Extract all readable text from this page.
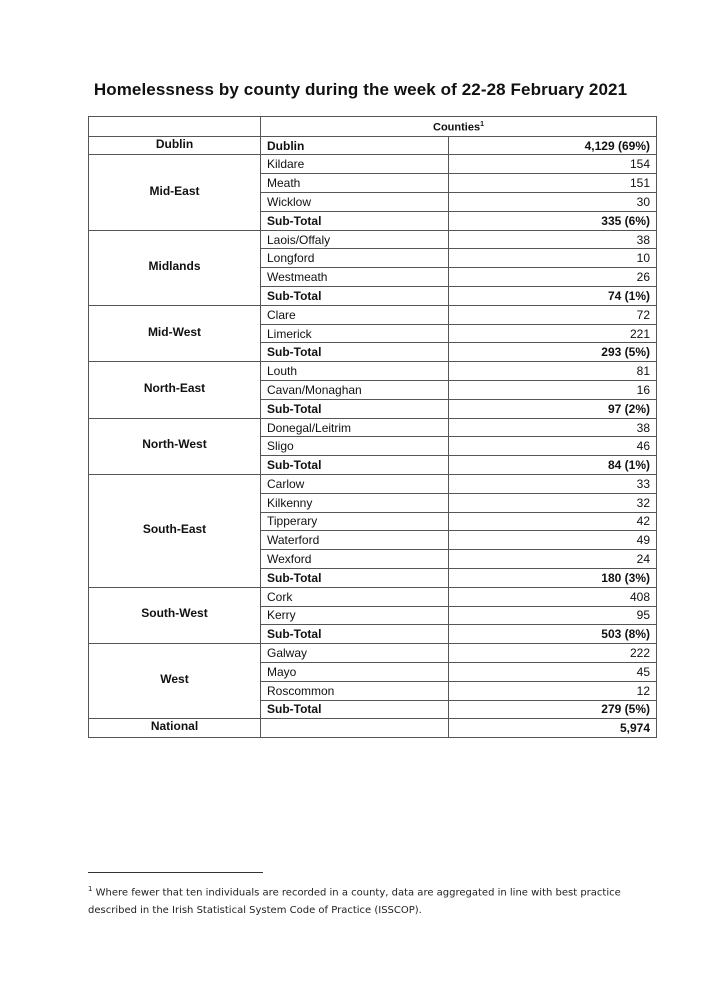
Homelessness by county during the week of 22-28 February 2021
	Counties$^1$
Dublin	Dublin	4,129 (69%)
Mid-East	Kildare	154
	Meath	151
	Wicklow	30
	Sub-Total	335 (6%)
Midlands	Laois/Offaly	38
	Longford	10
	Westmeath	26
	Sub-Total	74 (1%)
Mid-West	Clare	72
	Limerick	221
	Sub-Total	293 (5%)
North-East	Louth	81
	Cavan/Monaghan	16
	Sub-Total	97 (2%)
North-West	Donegal/Leitrim	38
	Sligo	46
	Sub-Total	84 (1%)
South-East	Carlow	33
	Kilkenny	32
	Tipperary	42
	Waterford	49
	Wexford	24
	Sub-Total	180 (3%)
South-West	Cork	408
	Kerry	95
	Sub-Total	503 (8%)
West	Galway	222
	Mayo	45
	Roscommon	12
	Sub-Total	279 (5%)
National		5,974
$^1$ Where fewer that ten individuals are recorded in a county, data are aggregated in line with best practice
described in the Irish Statistical System Code of Practice (ISSCOP).
